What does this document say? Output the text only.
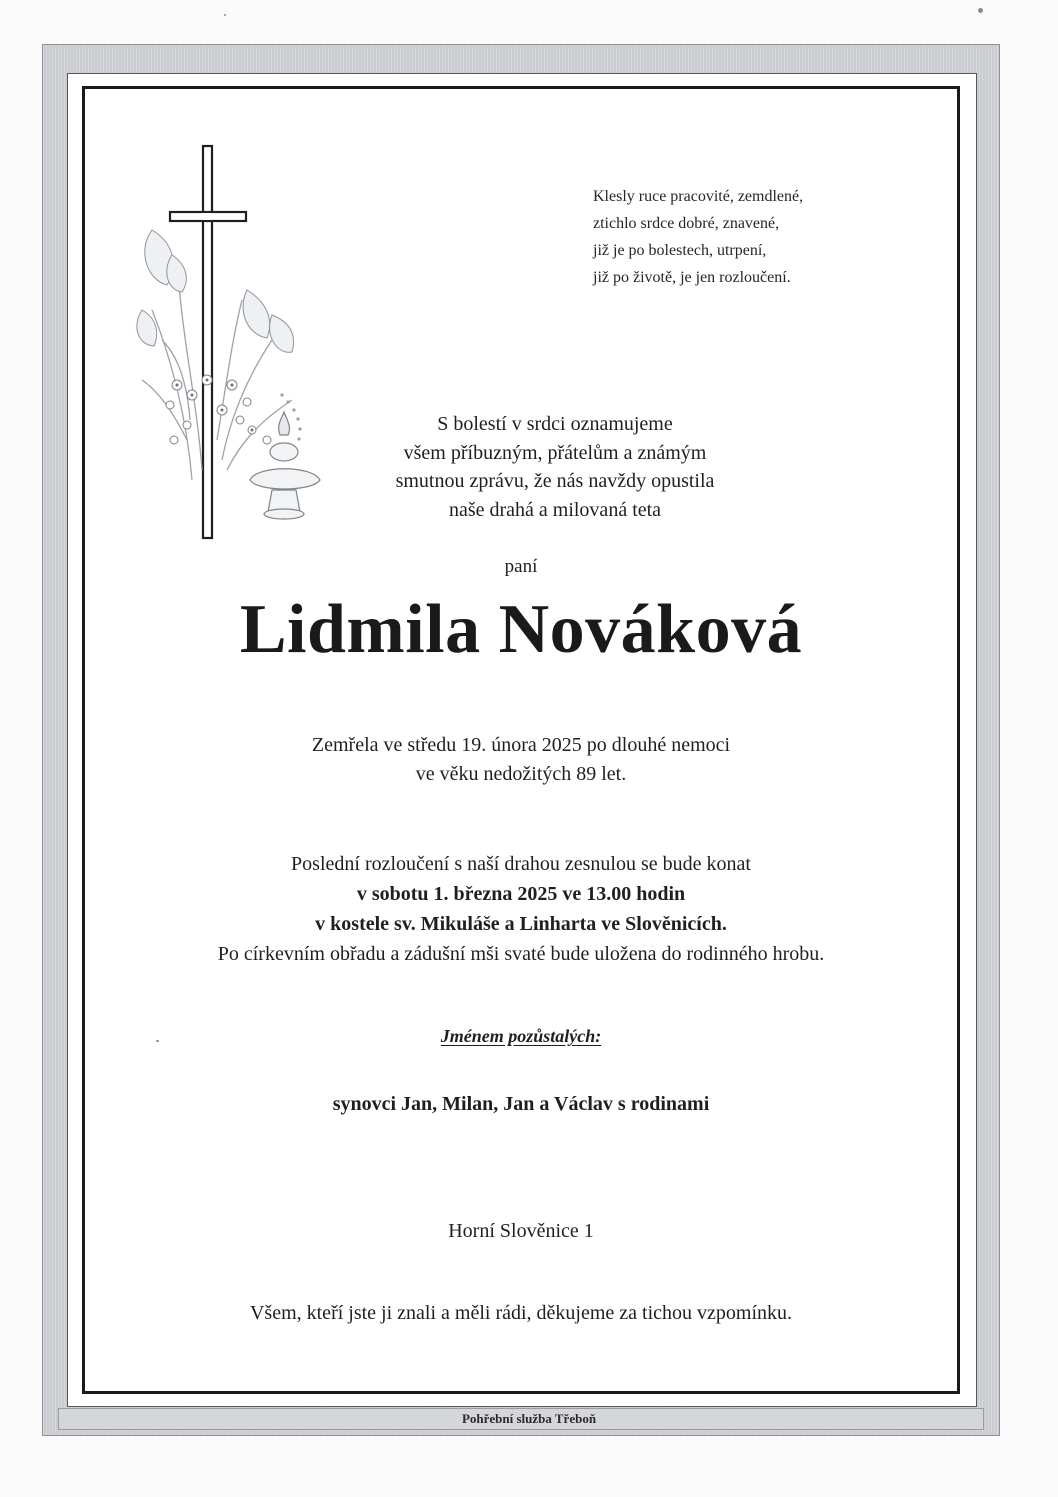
Klesly ruce pracovité, zemdlené,
ztichlo srdce dobré, znavené,
již je po bolestech, utrpení,
již po životě, je jen rozloučení.
S bolestí v srdci oznamujeme
všem příbuzným, přátelům a známým
smutnou zprávu, že nás navždy opustila
naše drahá a milovaná teta
paní
Lidmila Nováková
Zemřela ve středu 19. února 2025 po dlouhé nemoci
ve věku nedožitých 89 let.
Poslední rozloučení s naší drahou zesnulou se bude konat
v sobotu 1. března 2025 ve 13.00 hodin
v kostele sv. Mikuláše a Linharta ve Slověnicích.
Po církevním obřadu a zádušní mši svaté bude uložena do rodinného hrobu.
Jménem pozůstalých:
synovci Jan, Milan, Jan a Václav s rodinami
Horní Slověnice 1
Všem, kteří jste ji znali a měli rádi, děkujeme za tichou vzpomínku.
Pohřební služba Třeboň
